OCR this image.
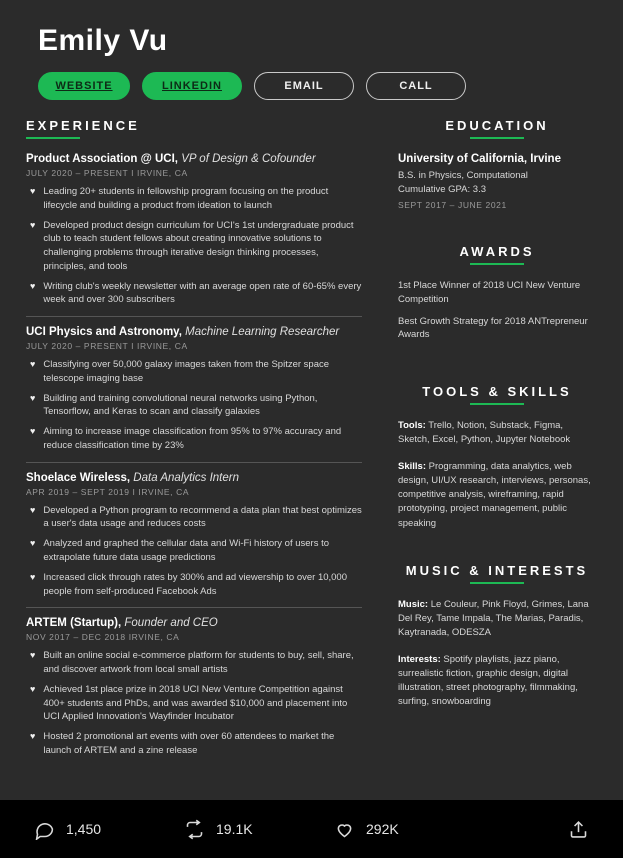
Emily Vu
WEBSITE	LINKEDIN	EMAIL	CALL
EXPERIENCE
Product Association @ UCI, VP of Design & Cofounder
JULY 2020 – PRESENT I IRVINE, CA
♥ Leading 20+ students in fellowship program focusing on the product lifecycle and building a product from ideation to launch
♥ Developed product design curriculum for UCI's 1st undergraduate product club to teach student fellows about creating innovative solutions to challenging problems through iterative design thinking processes, principles, and tools
♥ Writing club's weekly newsletter with an average open rate of 60-65% every week and over 300 subscribers
UCI Physics and Astronomy, Machine Learning Researcher
JULY 2020 – PRESENT I IRVINE, CA
♥ Classifying over 50,000 galaxy images taken from the Spitzer space telescope imaging base
♥ Building and training convolutional neural networks using Python, Tensorflow, and Keras to scan and classify galaxies
♥ Aiming to increase image classification from 95% to 97% accuracy and reduce classification time by 23%
Shoelace Wireless, Data Analytics Intern
APR 2019 – SEPT 2019 I IRVINE, CA
♥ Developed a Python program to recommend a data plan that best optimizes a user's data usage and reduces costs
♥ Analyzed and graphed the cellular data and Wi-Fi history of users to extrapolate future data usage predictions
♥ Increased click through rates by 300% and ad viewership to over 10,000 people from self-produced Facebook Ads
ARTEM (Startup), Founder and CEO
NOV 2017 – DEC 2018 IRVINE, CA
♥ Built an online social e-commerce platform for students to buy, sell, share, and discover artwork from local small artists
♥ Achieved 1st place prize in 2018 UCI New Venture Competition against 400+ students and PhDs, and was awarded $10,000 and placement into UCI Applied Innovation's Wayfinder Incubator
♥ Hosted 2 promotional art events with over 60 attendees to market the launch of ARTEM and a zine release
EDUCATION
University of California, Irvine
B.S. in Physics, Computational
Cumulative GPA: 3.3
SEPT 2017 – JUNE 2021
AWARDS
1st Place Winner of 2018 UCI New Venture Competition
Best Growth Strategy for 2018 ANTrepreneur Awards
TOOLS & SKILLS
Tools: Trello, Notion, Substack, Figma, Sketch, Excel, Python, Jupyter Notebook
Skills: Programming, data analytics, web design, UI/UX research, interviews, personas, competitive analysis, wireframing, rapid prototyping, project management, public speaking
MUSIC & INTERESTS
Music: Le Couleur, Pink Floyd, Grimes, Lana Del Rey, Tame Impala, The Marias, Paradis, Kaytranada, ODESZA
Interests: Spotify playlists, jazz piano, surrealistic fiction, graphic design, digital illustration, street photography, filmmaking, surfing, snowboarding
1,450	19.1K	292K
